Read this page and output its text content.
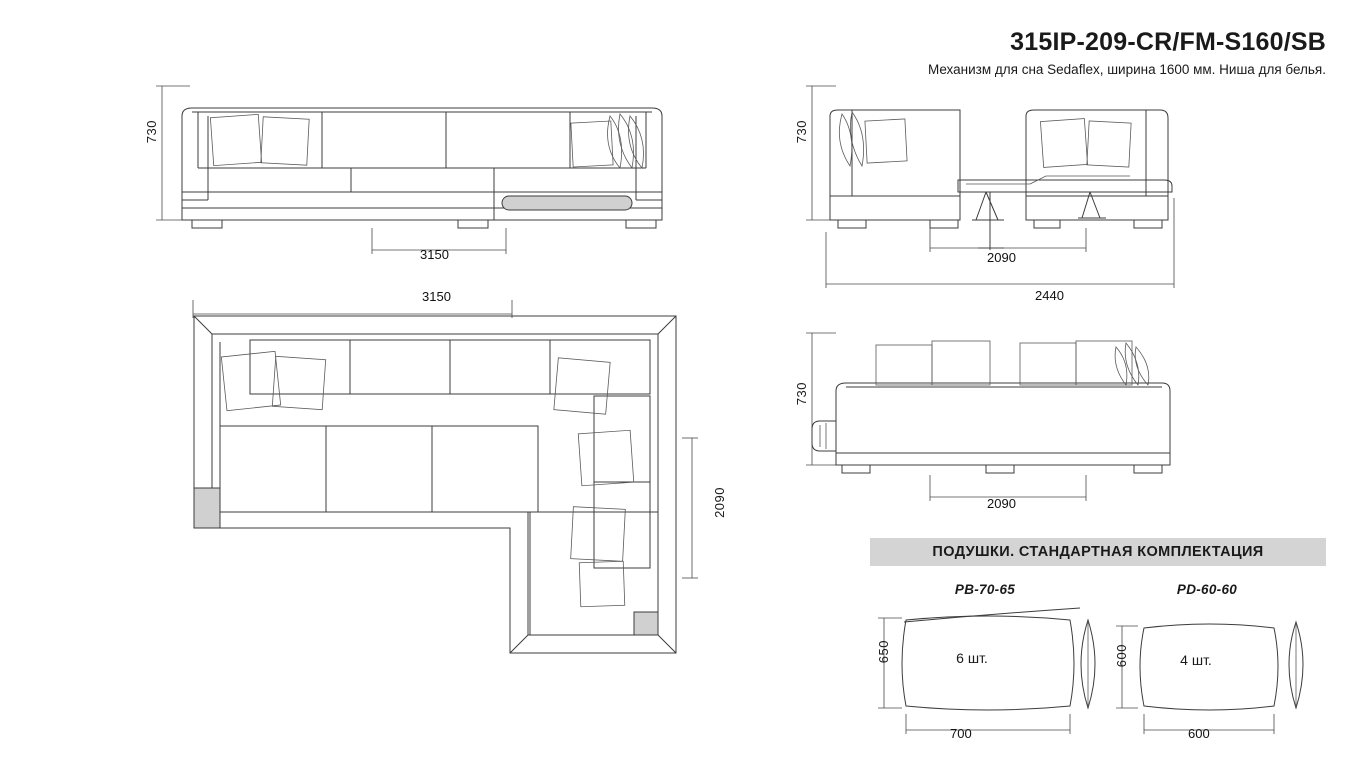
315IP-209-CR/FM-S160/SB
Механизм для сна Sedaflex, ширина 1600 мм. Ниша для белья.
730
3150
3150
2090
730
2090
2440
730
2090
ПОДУШКИ. СТАНДАРТНАЯ КОМПЛЕКТАЦИЯ
PB-70-65
650	6 шт.
700
PD-60-60
600	4 шт.
600
